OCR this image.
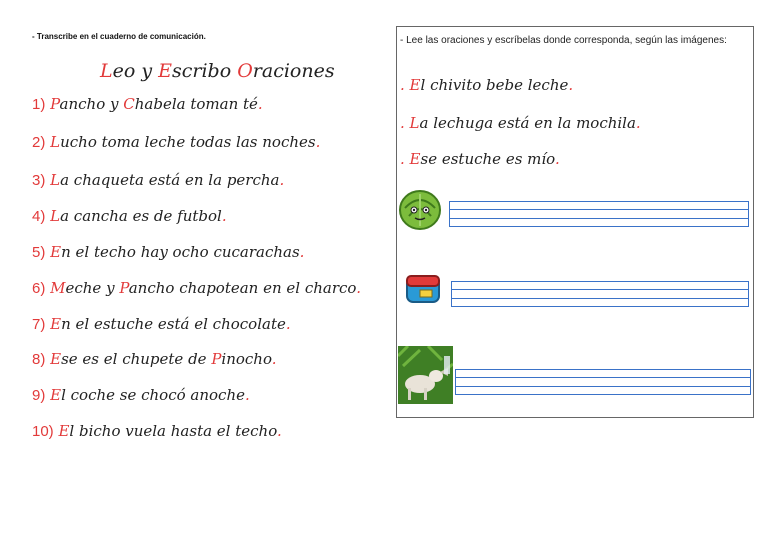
- Transcribe en el cuaderno de comunicación.
Leo y Escribo Oraciones
1) Pancho y Chabela toman té.
2) Lucho toma leche todas las noches.
3) La chaqueta está en la percha.
4) La cancha es de futbol.
5) En el techo hay ocho cucarachas.
6) Meche y Pancho chapotean en el charco.
7) En el estuche está el chocolate.
8) Ese es el chupete de Pinocho.
9) El coche se chocó anoche.
10) El bicho vuela hasta el techo.
- Lee las oraciones y escríbelas donde corresponda, según las imágenes:
. El chivito bebe leche.
. La lechuga está en la mochila.
. Ese estuche es mío.
